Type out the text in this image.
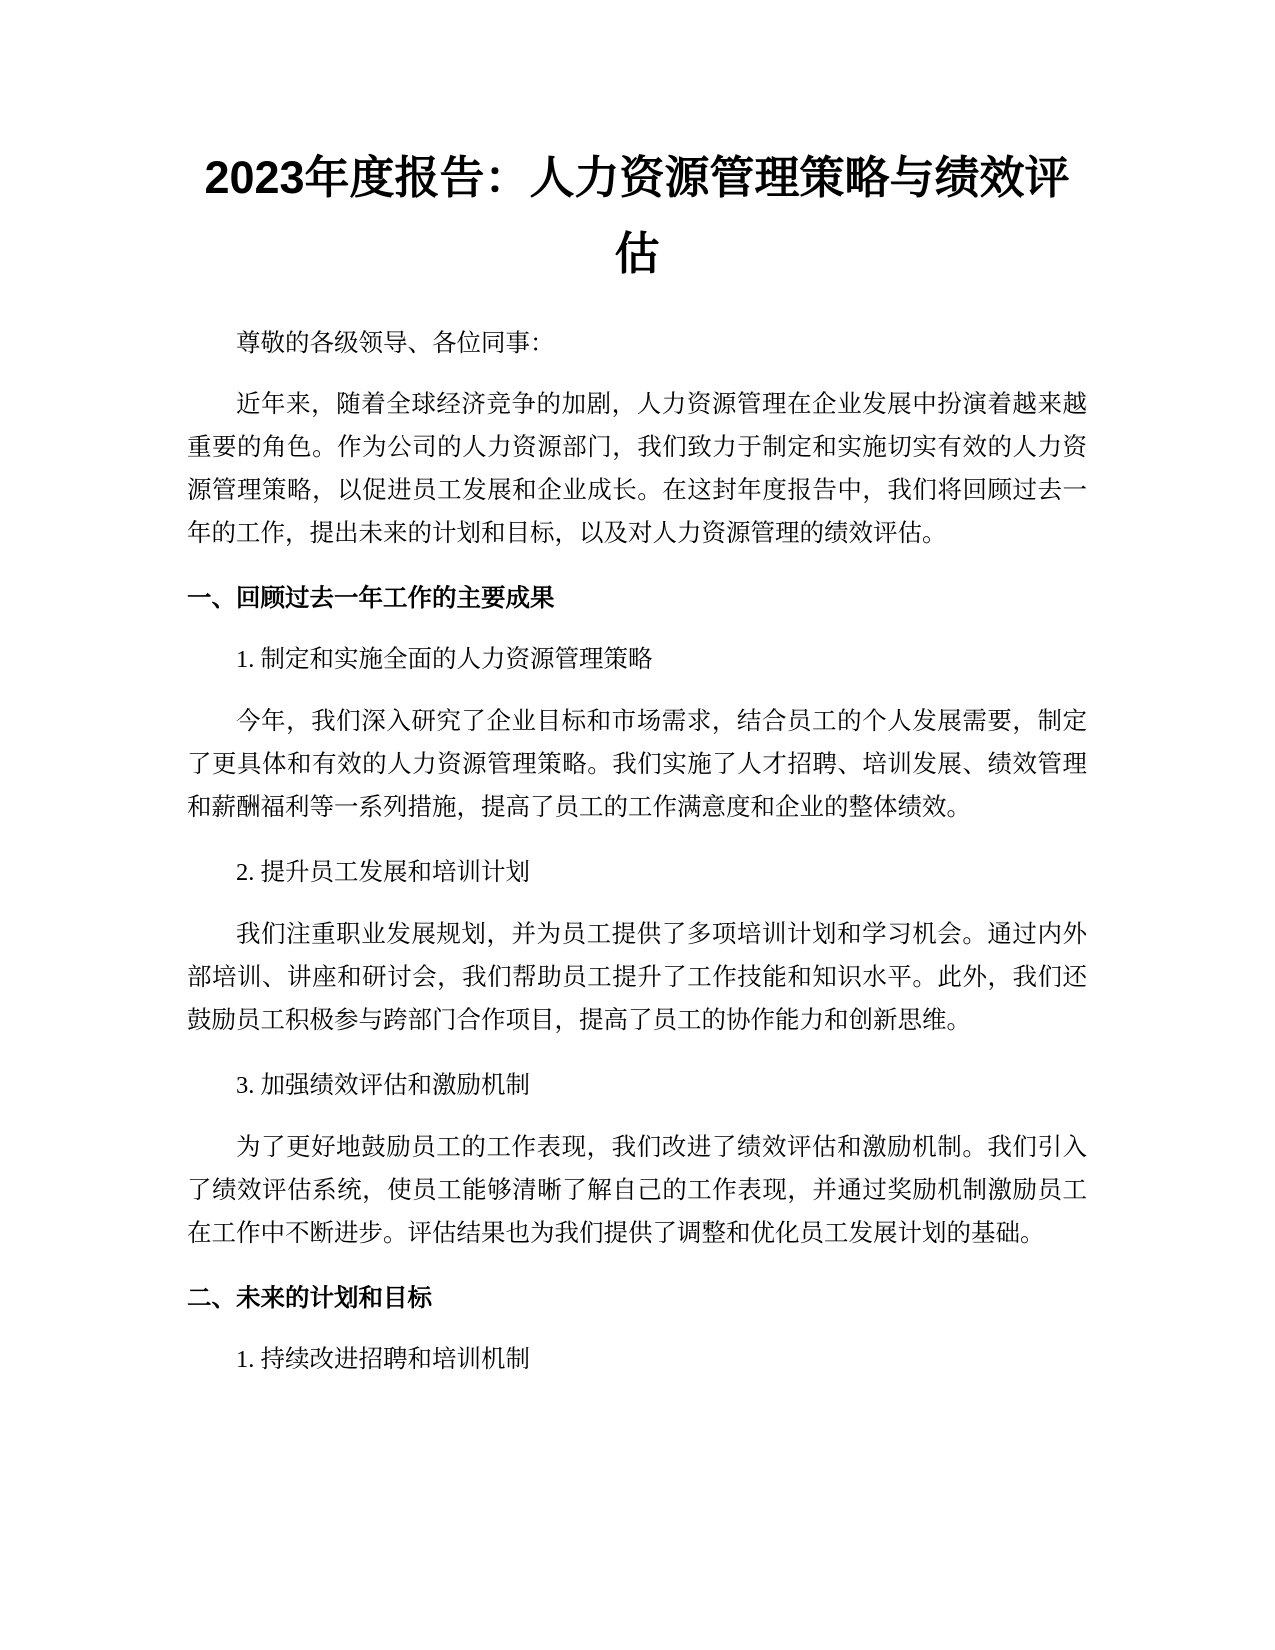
2023年度报告：人力资源管理策略与绩效评估

尊敬的各级领导、各位同事：

近年来，随着全球经济竞争的加剧，人力资源管理在企业发展中扮演着越来越重要的角色。作为公司的人力资源部门，我们致力于制定和实施切实有效的人力资源管理策略，以促进员工发展和企业成长。在这封年度报告中，我们将回顾过去一年的工作，提出未来的计划和目标，以及对人力资源管理的绩效评估。

一、回顾过去一年工作的主要成果

1. 制定和实施全面的人力资源管理策略

今年，我们深入研究了企业目标和市场需求，结合员工的个人发展需要，制定了更具体和有效的人力资源管理策略。我们实施了人才招聘、培训发展、绩效管理和薪酬福利等一系列措施，提高了员工的工作满意度和企业的整体绩效。

2. 提升员工发展和培训计划

我们注重职业发展规划，并为员工提供了多项培训计划和学习机会。通过内外部培训、讲座和研讨会，我们帮助员工提升了工作技能和知识水平。此外，我们还鼓励员工积极参与跨部门合作项目，提高了员工的协作能力和创新思维。

3. 加强绩效评估和激励机制

为了更好地鼓励员工的工作表现，我们改进了绩效评估和激励机制。我们引入了绩效评估系统，使员工能够清晰了解自己的工作表现，并通过奖励机制激励员工在工作中不断进步。评估结果也为我们提供了调整和优化员工发展计划的基础。

二、未来的计划和目标

1. 持续改进招聘和培训机制
